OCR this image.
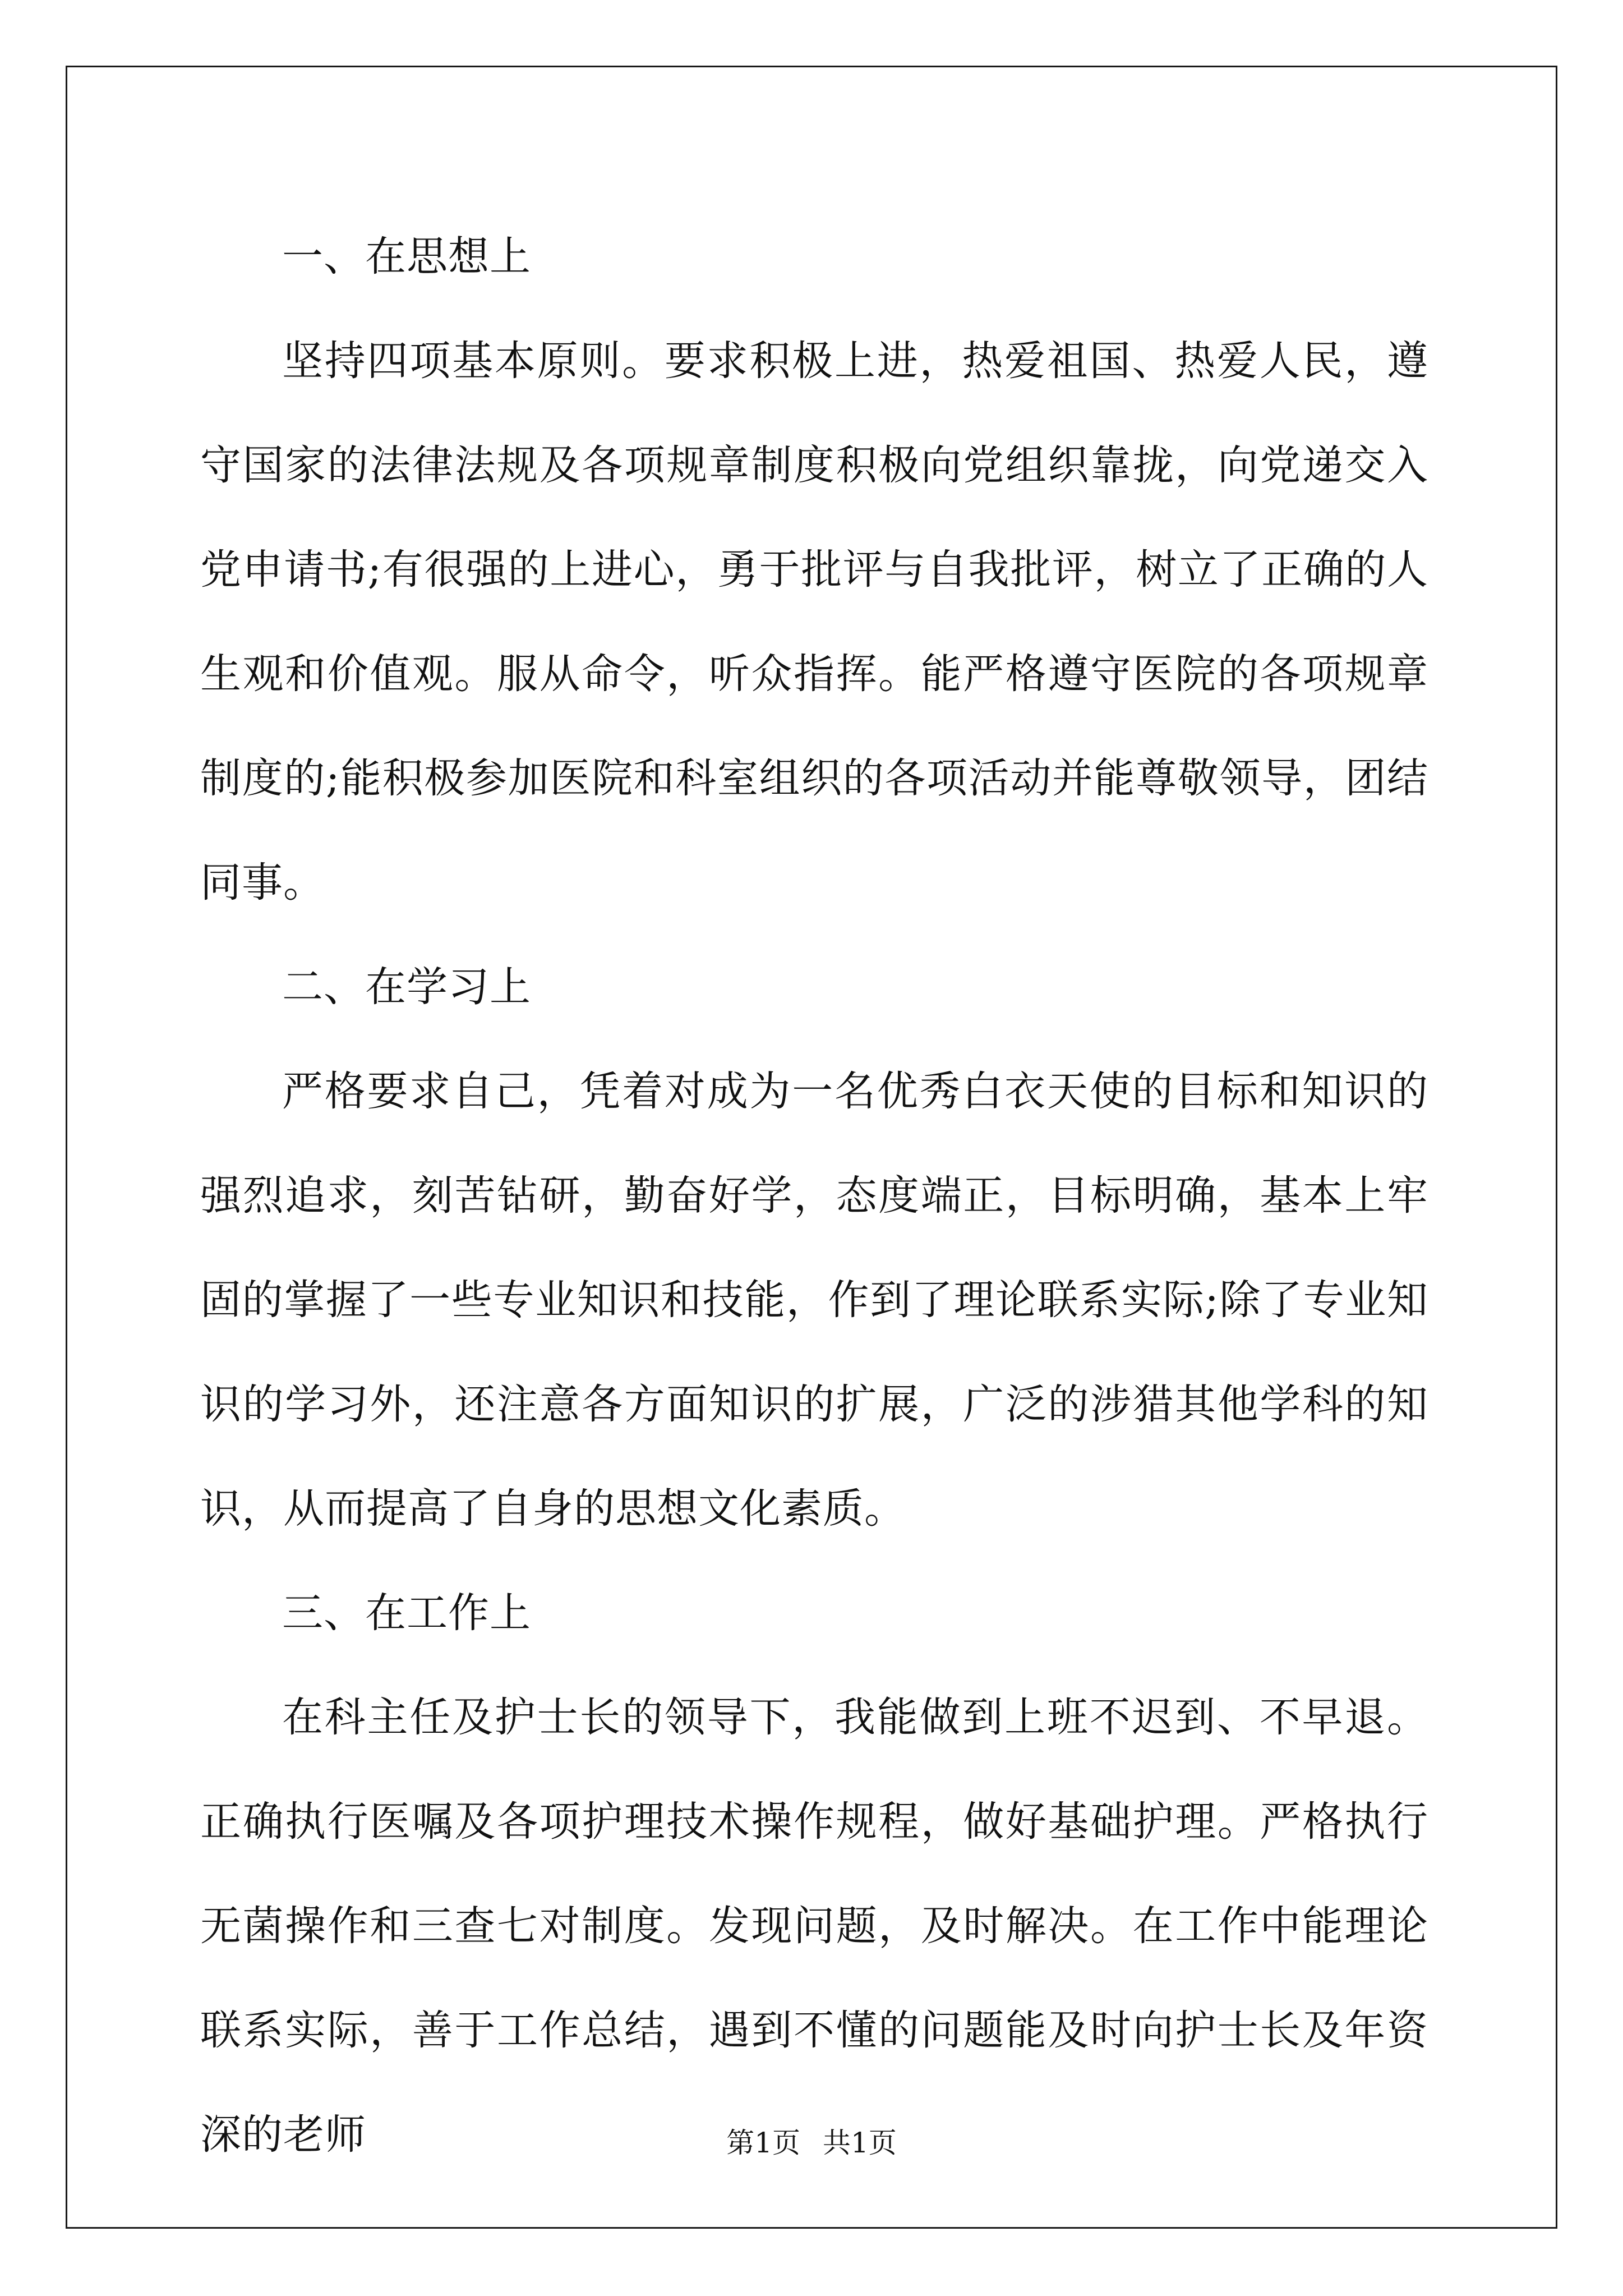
一、在思想上

坚持四项基本原则。要求积极上进，热爱祖国、热爱人民，遵守国家的法律法规及各项规章制度积极向党组织靠拢，向党递交入党申请书;有很强的上进心，勇于批评与自我批评，树立了正确的人生观和价值观。服从命令，听众指挥。能严格遵守医院的各项规章制度的;能积极参加医院和科室组织的各项活动并能尊敬领导，团结同事。

二、在学习上

严格要求自己，凭着对成为一名优秀白衣天使的目标和知识的强烈追求，刻苦钻研，勤奋好学，态度端正，目标明确，基本上牢固的掌握了一些专业知识和技能，作到了理论联系实际;除了专业知识的学习外，还注意各方面知识的扩展，广泛的涉猎其他学科的知识，从而提高了自身的思想文化素质。

三、在工作上

在科主任及护士长的领导下，我能做到上班不迟到、不早退。正确执行医嘱及各项护理技术操作规程，做好基础护理。严格执行无菌操作和三查七对制度。发现问题，及时解决。在工作中能理论联系实际，善于工作总结，遇到不懂的问题能及时向护士长及年资深的老师	第1页 共1页
